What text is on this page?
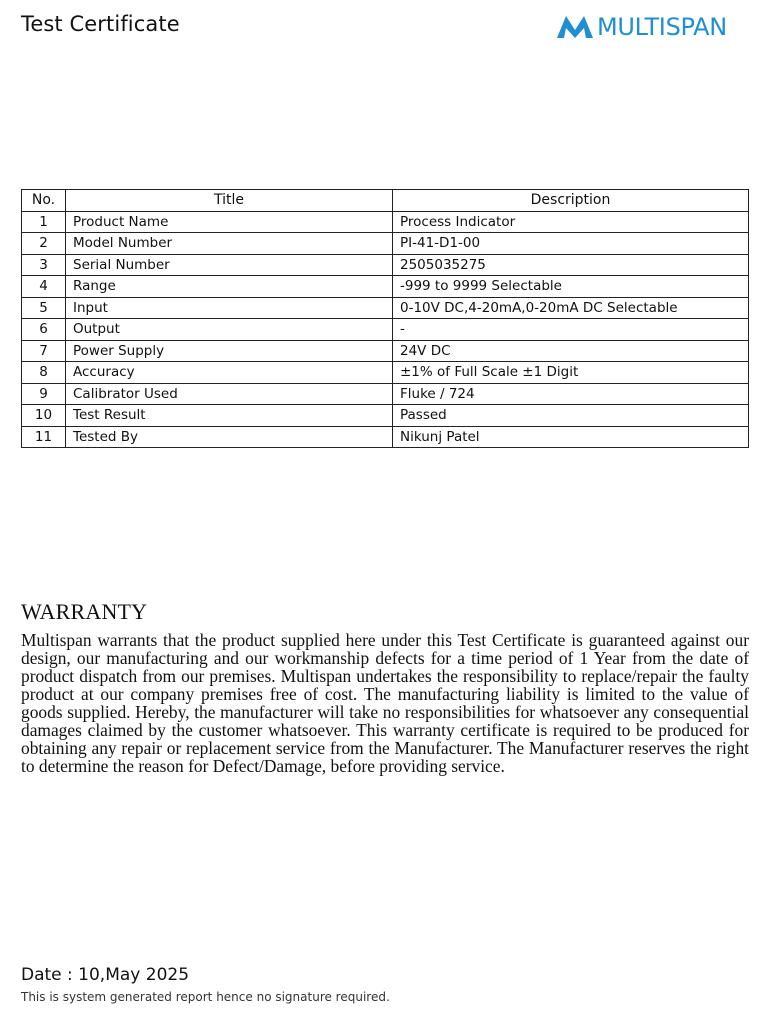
Test Certificate	MULTISPAN
No.	Title	Description
1	Product Name	Process Indicator
2	Model Number	PI-41-D1-00
3	Serial Number	2505035275
4	Range	-999 to 9999 Selectable
5	Input	0-10V DC,4-20mA,0-20mA DC Selectable
6	Output	-
7	Power Supply	24V DC
8	Accuracy	±1% of Full Scale ±1 Digit
9	Calibrator Used	Fluke / 724
10	Test Result	Passed
11	Tested By	Nikunj Patel
WARRANTY
Multispan warrants that the product supplied here under this Test Certificate is guaranteed against our design, our manufacturing and our workmanship defects for a time period of 1 Year from the date of product dispatch from our premises. Multispan undertakes the responsibility to replace/repair the faulty product at our company premises free of cost. The manufacturing liability is limited to the value of goods supplied. Hereby, the manufacturer will take no responsibilities for whatsoever any consequential damages claimed by the customer whatsoever. This warranty certificate is required to be produced for obtaining any repair or replacement service from the Manufacturer. The Manufacturer reserves the right to determine the reason for Defect/Damage, before providing service.
Date : 10,May 2025
This is system generated report hence no signature required.
